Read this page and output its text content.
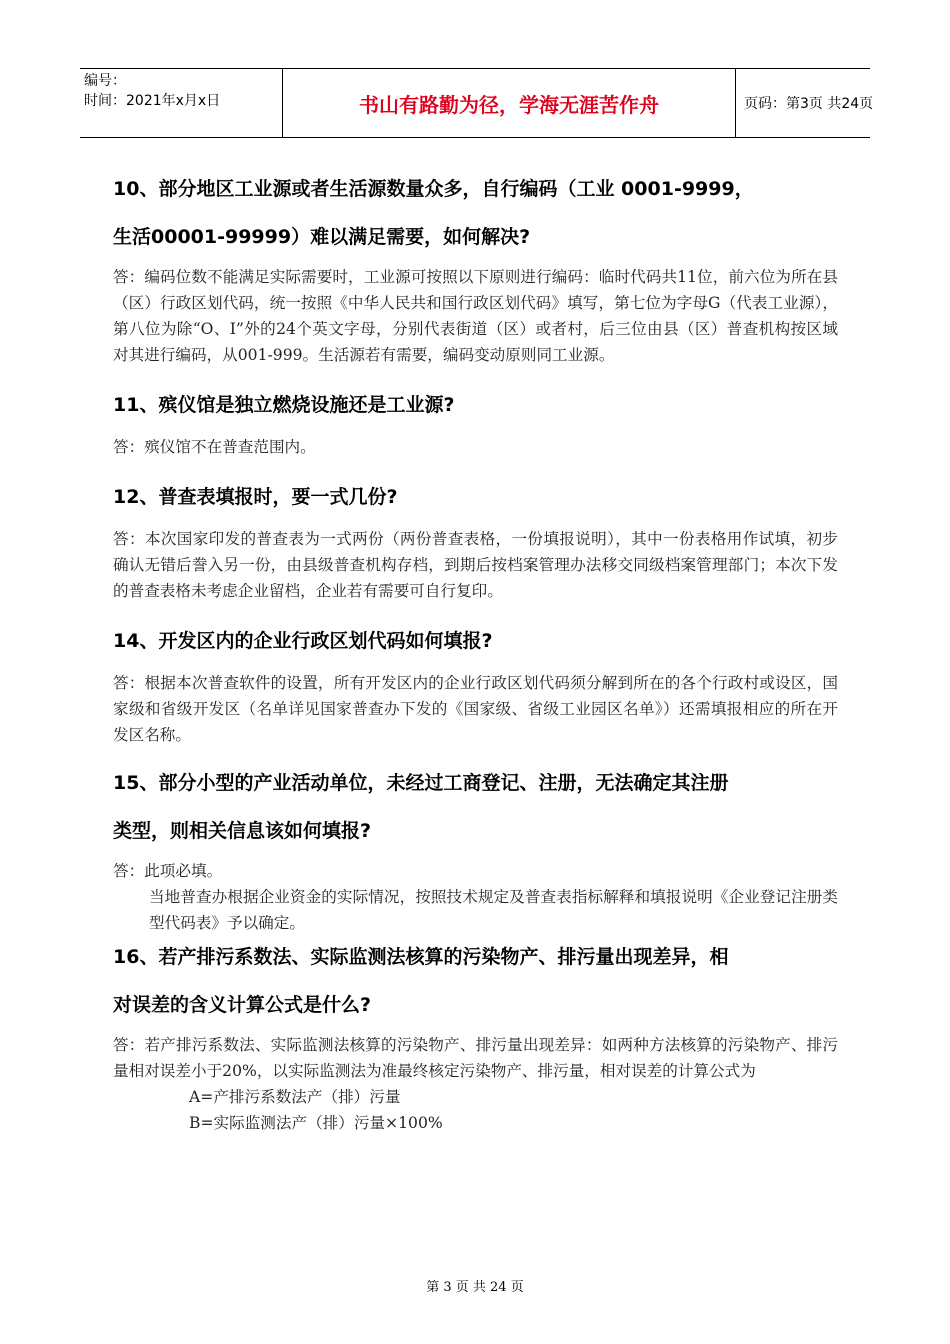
编号：
时间：2021年x月x日	书山有路勤为径，学海无涯苦作舟	页码：第3页 共24页

10、部分地区工业源或者生活源数量众多，自行编码（工业 0001-9999，

生活00001-99999）难以满足需要，如何解决?

答：编码位数不能满足实际需要时，工业源可按照以下原则进行编码：临时代码共11位，前六位为所在县（区）行政区划代码，统一按照《中华人民共和国行政区划代码》填写，第七位为字母G（代表工业源），第八位为除“O、I”外的24个英文字母，分别代表街道（区）或者村，后三位由县（区）普查机构按区域对其进行编码，从001-999。生活源若有需要，编码变动原则同工业源。

11、殡仪馆是独立燃烧设施还是工业源?

答：殡仪馆不在普查范围内。

12、普查表填报时，要一式几份?

答：本次国家印发的普查表为一式两份（两份普查表格，一份填报说明），其中一份表格用作试填，初步确认无错后誊入另一份，由县级普查机构存档，到期后按档案管理办法移交同级档案管理部门；本次下发的普查表格未考虑企业留档，企业若有需要可自行复印。

14、开发区内的企业行政区划代码如何填报?

答：根据本次普查软件的设置，所有开发区内的企业行政区划代码须分解到所在的各个行政村或设区，国家级和省级开发区（名单详见国家普查办下发的《国家级、省级工业园区名单》）还需填报相应的所在开发区名称。

15、部分小型的产业活动单位，未经过工商登记、注册，无法确定其注册

类型，则相关信息该如何填报?

答：此项必填。

当地普查办根据企业资金的实际情况，按照技术规定及普查表指标解释和填报说明《企业登记注册类型代码表》予以确定。

16、若产排污系数法、实际监测法核算的污染物产、排污量出现差异，相

对误差的含义计算公式是什么?

答：若产排污系数法、实际监测法核算的污染物产、排污量出现差异：如两种方法核算的污染物产、排污量相对误差小于20%，以实际监测法为准最终核定污染物产、排污量，相对误差的计算公式为

A=产排污系数法产（排）污量

B=实际监测法产（排）污量×100%

第 3 页 共 24 页
